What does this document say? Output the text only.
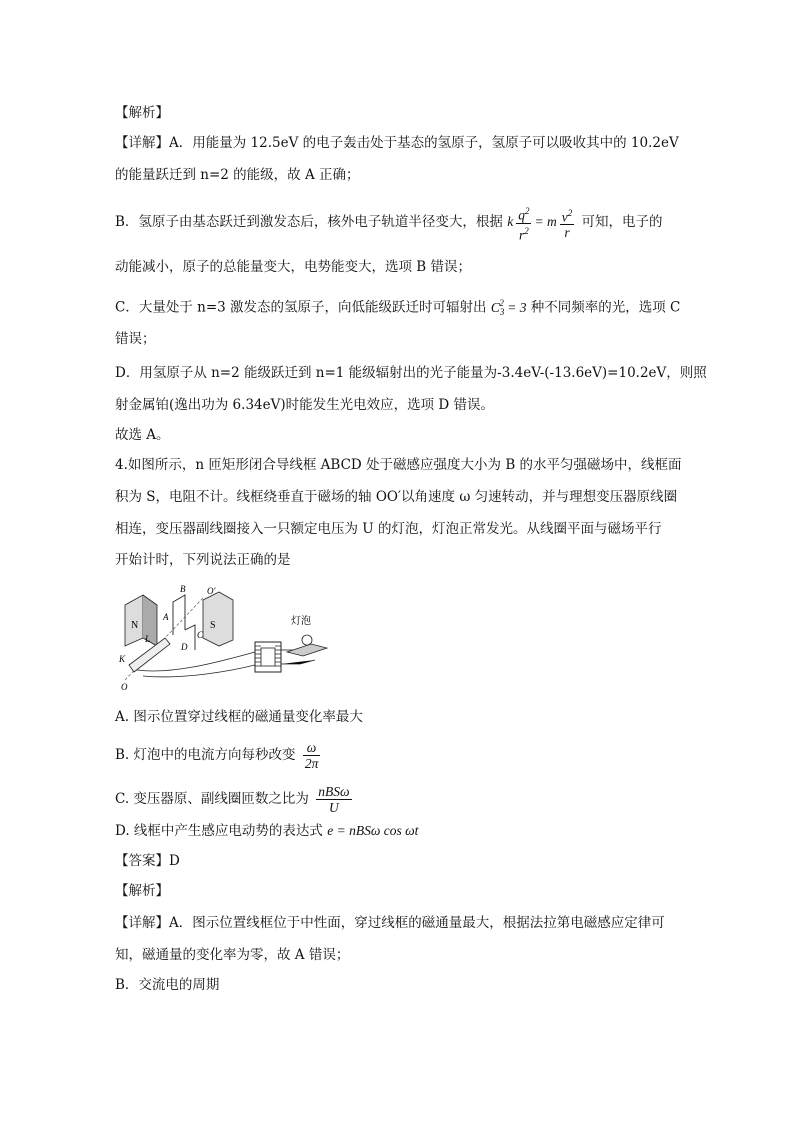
【解析】
【详解】A．用能量为 12.5eV 的电子轰击处于基态的氢原子，氢原子可以吸收其中的 10.2eV
的能量跃迁到 n=2 的能级，故 A 正确；
B．氢原子由基态跃迁到激发态后，核外电子轨道半径变大，根据 k $\frac{q^2}{r^2} = m \frac{v^2}{r}$ 可知，电子的
动能减小，原子的总能量变大，电势能变大，选项 B 错误；
C．大量处于 n=3 激发态的氢原子，向低能级跃迁时可辐射出 $C_3^2 = 3$ 种不同频率的光，选项 C
错误；
D．用氢原子从 n=2 能级跃迁到 n=1 能级辐射出的光子能量为-3.4eV-(-13.6eV)=10.2eV，则照
射金属铂(逸出功为 6.34eV)时能发生光电效应，选项 D 错误。
故选 A。
4.如图所示，n 匝矩形闭合导线框 ABCD 处于磁感应强度大小为 B 的水平匀强磁场中，线框面
积为 S，电阻不计。线框绕垂直于磁场的轴 OO′以角速度 ω 匀速转动，并与理想变压器原线圈
相连，变压器副线圈接入一只额定电压为 U 的灯泡，灯泡正常发光。从线圈平面与磁场平行
开始计时，下列说法正确的是
N	S
A
B
C
D
K
L
O
O′
灯泡
A. 图示位置穿过线框的磁通量变化率最大
B. 灯泡中的电流方向每秒改变 $\frac{\omega}{2\pi}$
C. 变压器原、副线圈匝数之比为 $\frac{\text{nBSω}}{U}$
D. 线框中产生感应电动势的表达式 e = nBSω cos ωt
【答案】D
【解析】
【详解】A．图示位置线框位于中性面，穿过线框的磁通量最大，根据法拉第电磁感应定律可
知，磁通量的变化率为零，故 A 错误；
B．交流电的周期
